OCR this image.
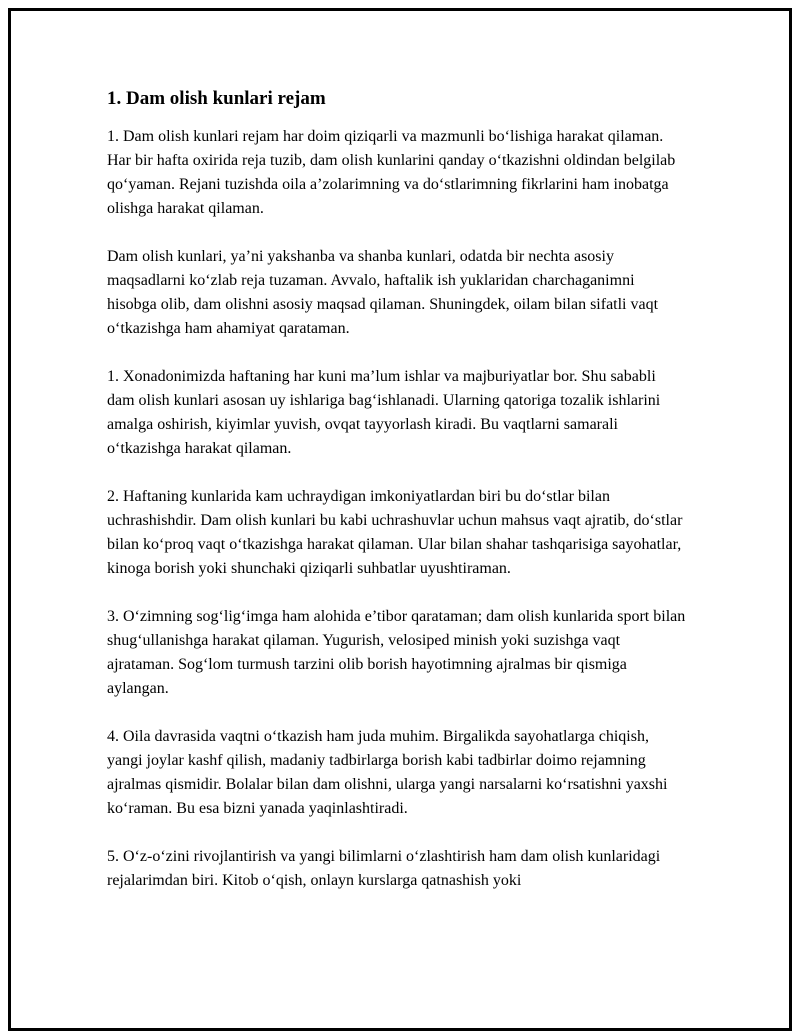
1. Dam olish kunlari rejam

1. Dam olish kunlari rejam har doim qiziqarli va mazmunli bo‘lishiga harakat qilaman. Har bir hafta oxirida reja tuzib, dam olish kunlarini qanday o‘tkazishni oldindan belgilab qo‘yaman. Rejani tuzishda oila a’zolarimning va do‘stlarimning fikrlarini ham inobatga olishga harakat qilaman.

Dam olish kunlari, ya’ni yakshanba va shanba kunlari, odatda bir nechta asosiy maqsadlarni ko‘zlab reja tuzaman. Avvalo, haftalik ish yuklaridan charchaganimni hisobga olib, dam olishni asosiy maqsad qilaman. Shuningdek, oilam bilan sifatli vaqt o‘tkazishga ham ahamiyat qarataman.

1. Xonadonimizda haftaning har kuni ma’lum ishlar va majburiyatlar bor. Shu sababli dam olish kunlari asosan uy ishlariga bag‘ishlanadi. Ularning qatoriga tozalik ishlarini amalga oshirish, kiyimlar yuvish, ovqat tayyorlash kiradi. Bu vaqtlarni samarali o‘tkazishga harakat qilaman.

2. Haftaning kunlarida kam uchraydigan imkoniyatlardan biri bu do‘stlar bilan uchrashishdir. Dam olish kunlari bu kabi uchrashuvlar uchun mahsus vaqt ajratib, do‘stlar bilan ko‘proq vaqt o‘tkazishga harakat qilaman. Ular bilan shahar tashqarisiga sayohatlar, kinoga borish yoki shunchaki qiziqarli suhbatlar uyushtiraman.

3. O‘zimning sog‘lig‘imga ham alohida e’tibor qarataman; dam olish kunlarida sport bilan shug‘ullanishga harakat qilaman. Yugurish, velosiped minish yoki suzishga vaqt ajrataman. Sog‘lom turmush tarzini olib borish hayotimning ajralmas bir qismiga aylangan.

4. Oila davrasida vaqtni o‘tkazish ham juda muhim. Birgalikda sayohatlarga chiqish, yangi joylar kashf qilish, madaniy tadbirlarga borish kabi tadbirlar doimo rejamning ajralmas qismidir. Bolalar bilan dam olishni, ularga yangi narsalarni ko‘rsatishni yaxshi ko‘raman. Bu esa bizni yanada yaqinlashtiradi.

5. O‘z-o‘zini rivojlantirish va yangi bilimlarni o‘zlashtirish ham dam olish kunlaridagi rejalarimdan biri. Kitob o‘qish, onlayn kurslarga qatnashish yoki
